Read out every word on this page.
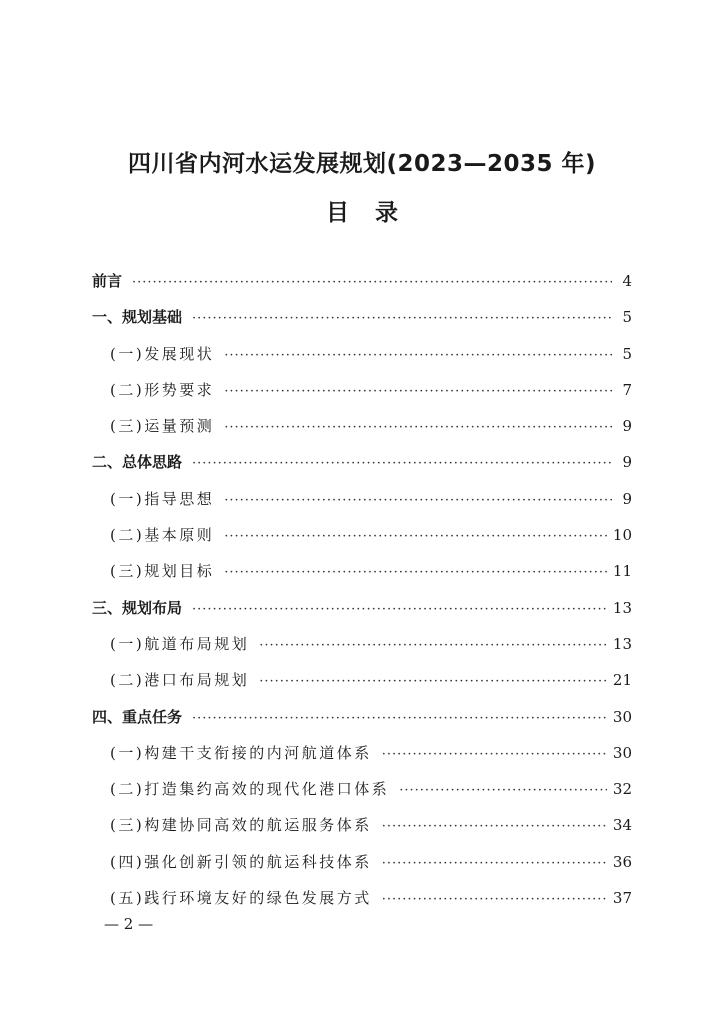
四川省内河水运发展规划(2023—2035 年)
目录
前言 ·····	4
一、规划基础 ·····	5
(一)发展现状 ·····	5
(二)形势要求 ·····	7
(三)运量预测 ·····	9
二、总体思路 ·····	9
(一)指导思想 ·····	9
(二)基本原则 ·····	10
(三)规划目标 ·····	11
三、规划布局 ·····	13
(一)航道布局规划 ·····	13
(二)港口布局规划 ·····	21
四、重点任务 ·····	30
(一)构建干支衔接的内河航道体系 ·····	30
(二)打造集约高效的现代化港口体系 ·····	32
(三)构建协同高效的航运服务体系 ·····	34
(四)强化创新引领的航运科技体系 ·····	36
(五)践行环境友好的绿色发展方式 ·····	37
— 2 —
